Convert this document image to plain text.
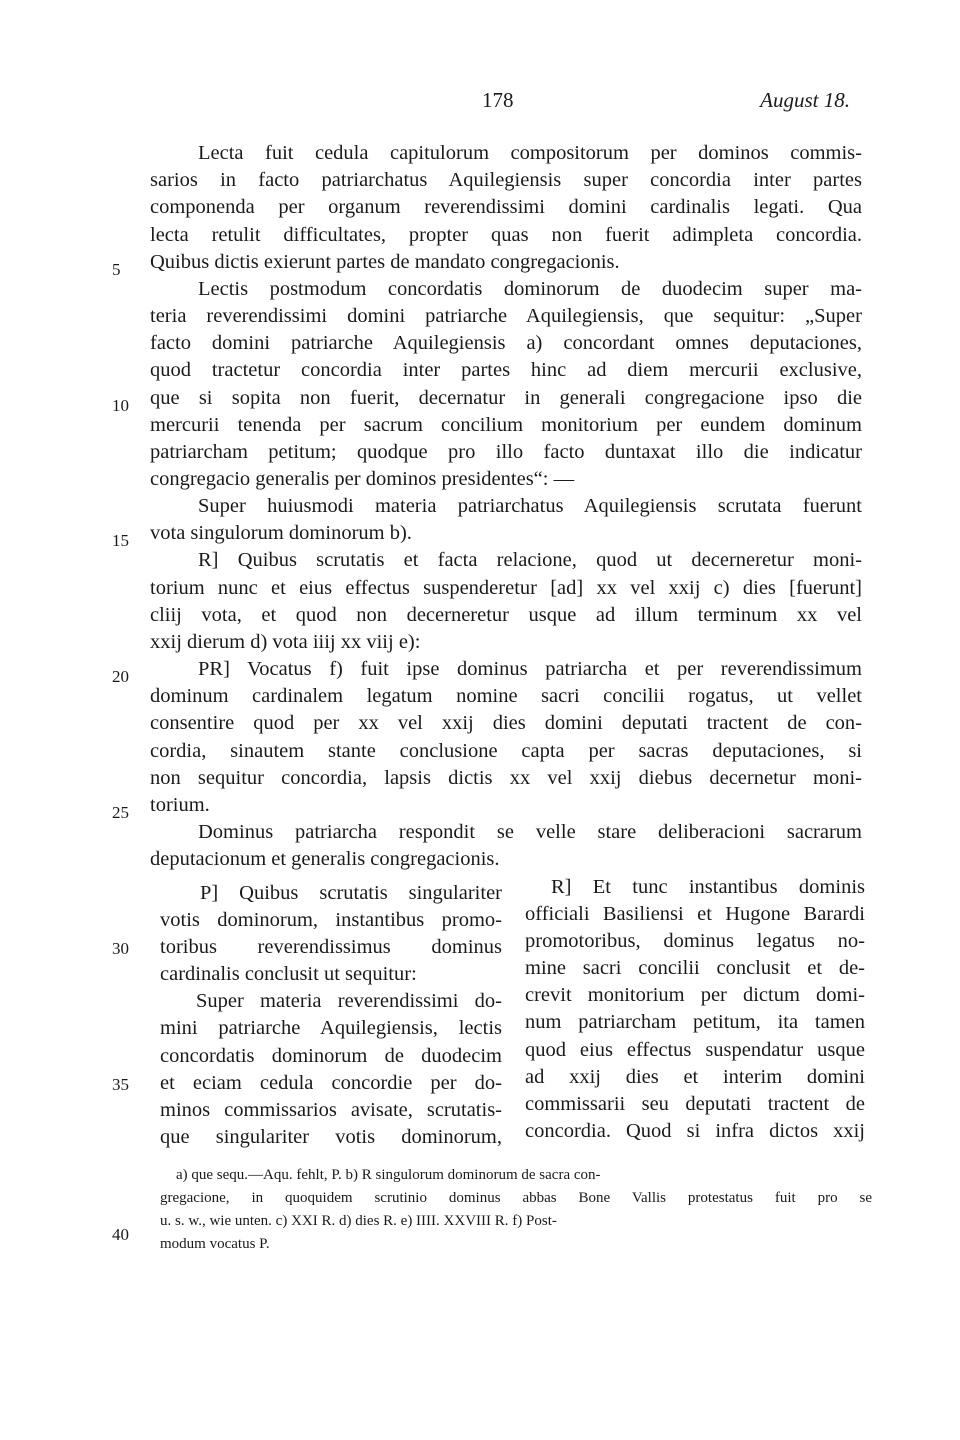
178	August 18.
5
10
15
20
25
30
35
40
Lecta fuit cedula capitulorum compositorum per dominos commis-
sarios in facto patriarchatus Aquilegiensis super concordia inter partes
componenda per organum reverendissimi domini cardinalis legati. Qua
lecta retulit difficultates, propter quas non fuerit adimpleta concordia.
Quibus dictis exierunt partes de mandato congregacionis.
Lectis postmodum concordatis dominorum de duodecim super ma-
teria reverendissimi domini patriarche Aquilegiensis, que sequitur: „Super
facto domini patriarche Aquilegiensis a) concordant omnes deputaciones,
quod tractetur concordia inter partes hinc ad diem mercurii exclusive,
que si sopita non fuerit, decernatur in generali congregacione ipso die
mercurii tenenda per sacrum concilium monitorium per eundem dominum
patriarcham petitum; quodque pro illo facto duntaxat illo die indicatur
congregacio generalis per dominos presidentes“: —
Super huiusmodi materia patriarchatus Aquilegiensis scrutata fuerunt
vota singulorum dominorum b).
R] Quibus scrutatis et facta relacione, quod ut decerneretur moni-
torium nunc et eius effectus suspenderetur [ad] xx vel xxij c) dies [fuerunt]
cliij vota, et quod non decerneretur usque ad illum terminum xx vel
xxij dierum d) vota iiij xx viij e):
PR] Vocatus f) fuit ipse dominus patriarcha et per reverendissimum
dominum cardinalem legatum nomine sacri concilii rogatus, ut vellet
consentire quod per xx vel xxij dies domini deputati tractent de con-
cordia, sinautem stante conclusione capta per sacras deputaciones, si
non sequitur concordia, lapsis dictis xx vel xxij diebus decernetur moni-
torium.
Dominus patriarcha respondit se velle stare deliberacioni sacrarum
deputacionum et generalis congregacionis.
P] Quibus scrutatis singulariter
votis dominorum, instantibus promo-
toribus reverendissimus dominus
cardinalis conclusit ut sequitur:
Super materia reverendissimi do-
mini patriarche Aquilegiensis, lectis
concordatis dominorum de duodecim
et eciam cedula concordie per do-
minos commissarios avisate, scrutatis-
que singulariter votis dominorum,
R] Et tunc instantibus dominis
officiali Basiliensi et Hugone Barardi
promotoribus, dominus legatus no-
mine sacri concilii conclusit et de-
crevit monitorium per dictum domi-
num patriarcham petitum, ita tamen
quod eius effectus suspendatur usque
ad xxij dies et interim domini
commissarii seu deputati tractent de
concordia. Quod si infra dictos xxij
a) que sequ.—Aqu. fehlt, P. b) R singulorum dominorum de sacra con-
gregacione, in quoquidem scrutinio dominus abbas Bone Vallis protestatus fuit pro se
u. s. w., wie unten. c) XXI R. d) dies R. e) IIII. XXVIII R. f) Post-
modum vocatus P.
